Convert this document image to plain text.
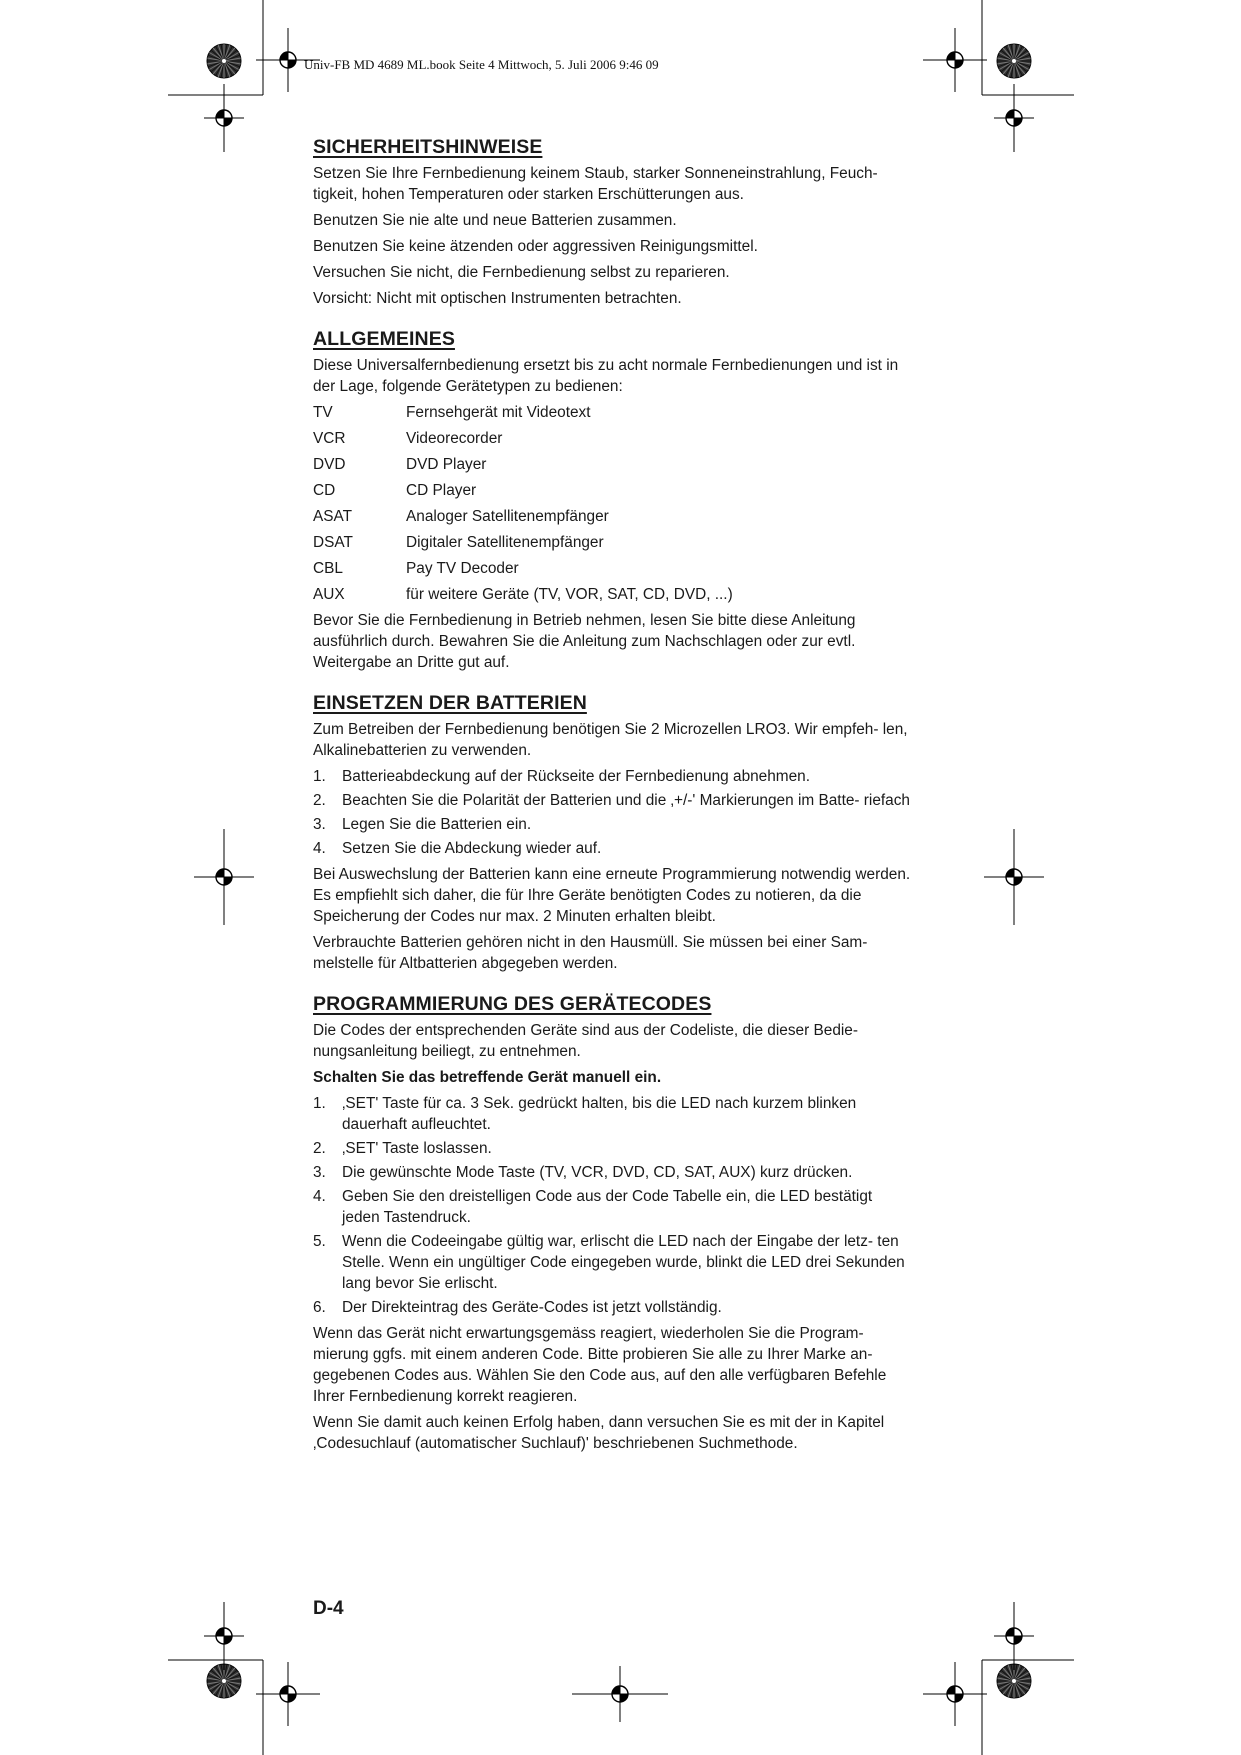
Univ-FB MD 4689 ML.book Seite 4 Mittwoch, 5. Juli 2006 9:46 09
SICHERHEITSHINWEISE

Setzen Sie Ihre Fernbedienung keinem Staub, starker Sonneneinstrahlung, Feuch- tigkeit, hohen Temperaturen oder starken Erschütterungen aus.

Benutzen Sie nie alte und neue Batterien zusammen.

Benutzen Sie keine ätzenden oder aggressiven Reinigungsmittel.

Versuchen Sie nicht, die Fernbedienung selbst zu reparieren.

Vorsicht: Nicht mit optischen Instrumenten betrachten.

ALLGEMEINES

Diese Universalfernbedienung ersetzt bis zu acht normale Fernbedienungen und ist in der Lage, folgende Gerätetypen zu bedienen:

TV	Fernsehgerät mit Videotext
VCR	Videorecorder
DVD	DVD Player
CD	CD Player
ASAT	Analoger Satellitenempfänger
DSAT	Digitaler Satellitenempfänger
CBL	Pay TV Decoder
AUX	für weitere Geräte (TV, VOR, SAT, CD, DVD, ...)

Bevor Sie die Fernbedienung in Betrieb nehmen, lesen Sie bitte diese Anleitung ausführlich durch. Bewahren Sie die Anleitung zum Nachschlagen oder zur evtl. Weitergabe an Dritte gut auf.

EINSETZEN DER BATTERIEN

Zum Betreiben der Fernbedienung benötigen Sie 2 Microzellen LRO3. Wir empfeh- len, Alkalinebatterien zu verwenden.

1.	Batterieabdeckung auf der Rückseite der Fernbedienung abnehmen.
2.	Beachten Sie die Polarität der Batterien und die ‚+/-' Markierungen im Batte- riefach
3.	Legen Sie die Batterien ein.
4.	Setzen Sie die Abdeckung wieder auf.

Bei Auswechslung der Batterien kann eine erneute Programmierung notwendig werden. Es empfiehlt sich daher, die für Ihre Geräte benötigten Codes zu notieren, da die Speicherung der Codes nur max. 2 Minuten erhalten bleibt.

Verbrauchte Batterien gehören nicht in den Hausmüll. Sie müssen bei einer Sam- melstelle für Altbatterien abgegeben werden.

PROGRAMMIERUNG DES GERÄTECODES

Die Codes der entsprechenden Geräte sind aus der Codeliste, die dieser Bedie- nungsanleitung beiliegt, zu entnehmen.

Schalten Sie das betreffende Gerät manuell ein.

1.	‚SET' Taste für ca. 3 Sek. gedrückt halten, bis die LED nach kurzem blinken dauerhaft aufleuchtet.
2.	‚SET' Taste loslassen.
3.	Die gewünschte Mode Taste (TV, VCR, DVD, CD, SAT, AUX) kurz drücken.
4.	Geben Sie den dreistelligen Code aus der Code Tabelle ein, die LED bestätigt jeden Tastendruck.
5.	Wenn die Codeeingabe gültig war, erlischt die LED nach der Eingabe der letz- ten Stelle. Wenn ein ungültiger Code eingegeben wurde, blinkt die LED drei Sekunden lang bevor Sie erlischt.
6.	Der Direkteintrag des Geräte-Codes ist jetzt vollständig.

Wenn das Gerät nicht erwartungsgemäss reagiert, wiederholen Sie die Program- mierung ggfs. mit einem anderen Code. Bitte probieren Sie alle zu Ihrer Marke an- gegebenen Codes aus. Wählen Sie den Code aus, auf den alle verfügbaren Befehle Ihrer Fernbedienung korrekt reagieren.

Wenn Sie damit auch keinen Erfolg haben, dann versuchen Sie es mit der in Kapitel ‚Codesuchlauf (automatischer Suchlauf)' beschriebenen Suchmethode.

D-4
